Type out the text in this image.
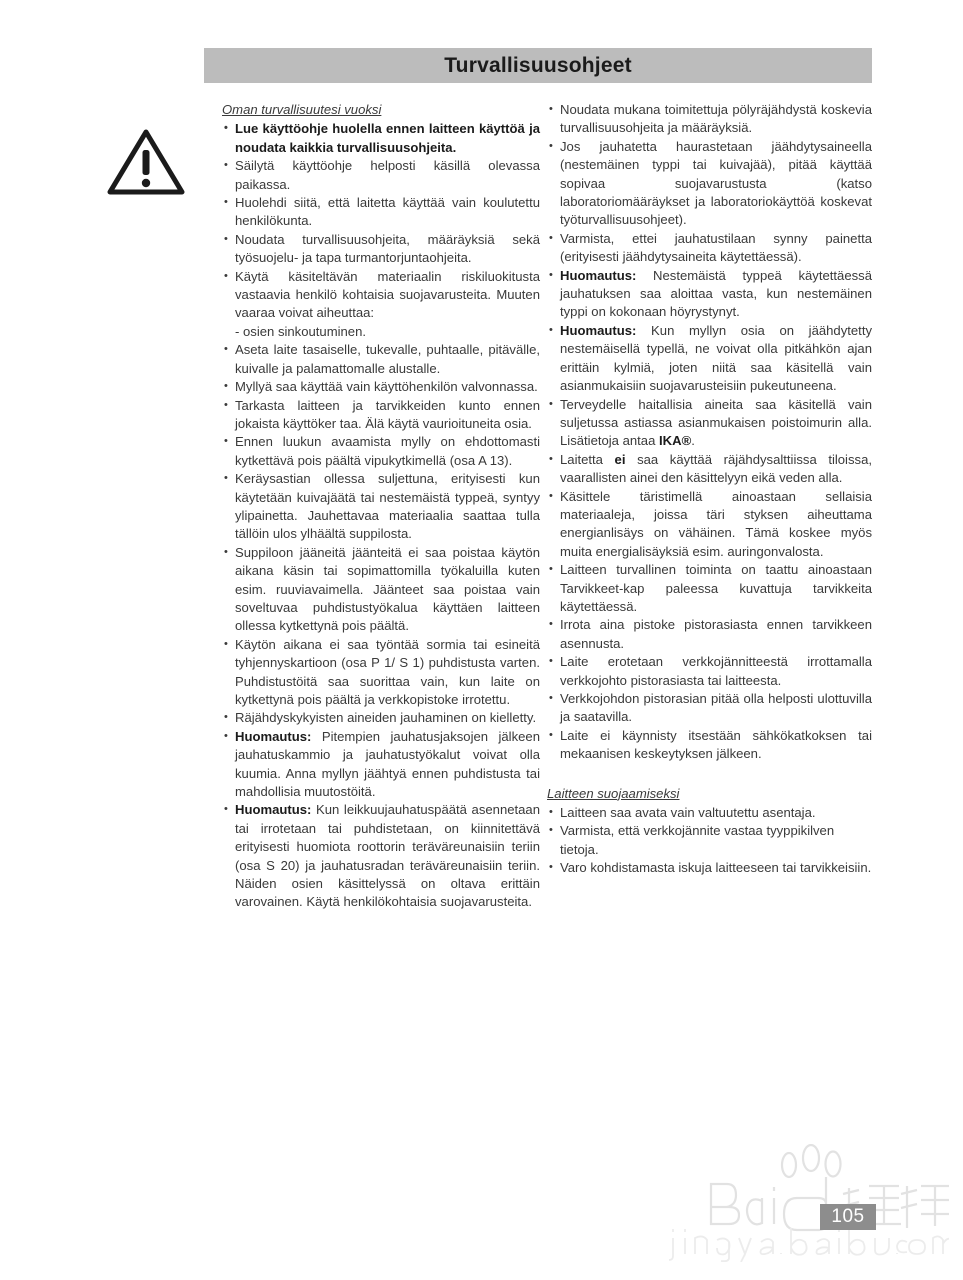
Turvallisuusohjeet
Oman turvallisuutesi vuoksi
• Lue käyttöohje huolella ennen laitteen käyttöä ja noudata kaikkia turvallisuusohjeita.
• Säilytä käyttöohje helposti käsillä olevassa paikassa.
• Huolehdi siitä, että laitetta käyttää vain koulutettu henkilökunta.
• Noudata turvallisuusohjeita, määräyksiä sekä työsuojelu- ja tapa turmantorjuntaohjeita.
• Käytä käsiteltävän materiaalin riskiluokitusta vastaavia henkilö kohtaisia suojavarusteita. Muuten vaaraa voivat aiheuttaa:
- osien sinkoutuminen.
• Aseta laite tasaiselle, tukevalle, puhtaalle, pitävälle, kuivalle ja palamattomalle alustalle.
• Myllyä saa käyttää vain käyttöhenkilön valvonnassa.
• Tarkasta laitteen ja tarvikkeiden kunto ennen jokaista käyttöker taa. Älä käytä vaurioituneita osia.
• Ennen luukun avaamista mylly on ehdottomasti kytkettävä pois päältä vipukytkimellä (osa A 13).
• Keräysastian ollessa suljettuna, erityisesti kun käytetään kuivajäätä tai nestemäistä typpeä, syntyy ylipainetta. Jauhettavaa materiaalia saattaa tulla tällöin ulos ylhäältä suppilosta.
• Suppiloon jääneitä jäänteitä ei saa poistaa käytön aikana käsin tai sopimattomilla työkaluilla kuten esim. ruuviavaimella. Jäänteet saa poistaa vain soveltuvaa puhdistustyökalua käyttäen laitteen ollessa kytkettynä pois päältä.
• Käytön aikana ei saa työntää sormia tai esineitä tyhjennyskartioon (osa P 1/ S 1) puhdistusta varten. Puhdistustöitä saa suorittaa vain, kun laite on kytkettynä pois päältä ja verkkopistoke irrotettu.
• Räjähdyskykyisten aineiden jauhaminen on kielletty.
• Huomautus: Pitempien jauhatusjaksojen jälkeen jauhatuskammio ja jauhatustyökalut voivat olla kuumia. Anna myllyn jäähtyä ennen puhdistusta tai mahdollisia muutostöitä.
• Huomautus: Kun leikkuujauhatuspäätä asennetaan tai irrotetaan tai puhdistetaan, on kiinnitettävä erityisesti huomiota roottorin teräväreunaisiin teriin (osa S 20) ja jauhatusradan teräväreunaisiin teriin. Näiden osien käsittelyssä on oltava erittäin varovainen. Käytä henkilökohtaisia suojavarusteita.
• Noudata mukana toimitettuja pölyräjähdystä koskevia turvallisuusohjeita ja määräyksiä.
• Jos jauhatetta haurastetaan jäähdytysaineella (nestemäinen typpi tai kuivajää), pitää käyttää sopivaa suojavarustusta (katso laboratoriomääräykset ja laboratoriokäyttöä koskevat työturvallisuusohjeet).
• Varmista, ettei jauhatustilaan synny painetta (erityisesti jäähdytysaineita käytettäessä).
• Huomautus: Nestemäistä typpeä käytettäessä jauhatuksen saa aloittaa vasta, kun nestemäinen typpi on kokonaan höyrystynyt.
• Huomautus: Kun myllyn osia on jäähdytetty nestemäisellä typellä, ne voivat olla pitkähkön ajan erittäin kylmiä, joten niitä saa käsitellä vain asianmukaisiin suojavarusteisiin pukeutuneena.
• Terveydelle haitallisia aineita saa käsitellä vain suljetussa astiassa asianmukaisen poistoimurin alla. Lisätietoja antaa IKA®.
• Laitetta ei saa käyttää räjähdysalttiissa tiloissa, vaarallisten ainei den käsittelyyn eikä veden alla.
• Käsittele täristimellä ainoastaan sellaisia materiaaleja, joissa täri styksen aiheuttama energianlisäys on vähäinen. Tämä koskee myös muita energialisäyksiä esim. auringonvalosta.
• Laitteen turvallinen toiminta on taattu ainoastaan Tarvikkeet-kap paleessa kuvattuja tarvikkeita käytettäessä.
• Irrota aina pistoke pistorasiasta ennen tarvikkeen asennusta.
• Laite erotetaan verkkojännitteestä irrottamalla verkkojohto pistorasiasta tai laitteesta.
• Verkkojohdon pistorasian pitää olla helposti ulottuvilla ja saatavilla.
• Laite ei käynnisty itsestään sähkökatkoksen tai mekaanisen keskeytyksen jälkeen.
Laitteen suojaamiseksi
• Laitteen saa avata vain valtuutettu asentaja.
• Varmista, että verkkojännite vastaa tyyppikilven tietoja.
• Varo kohdistamasta iskuja laitteeseen tai tarvikkeisiin.
105
